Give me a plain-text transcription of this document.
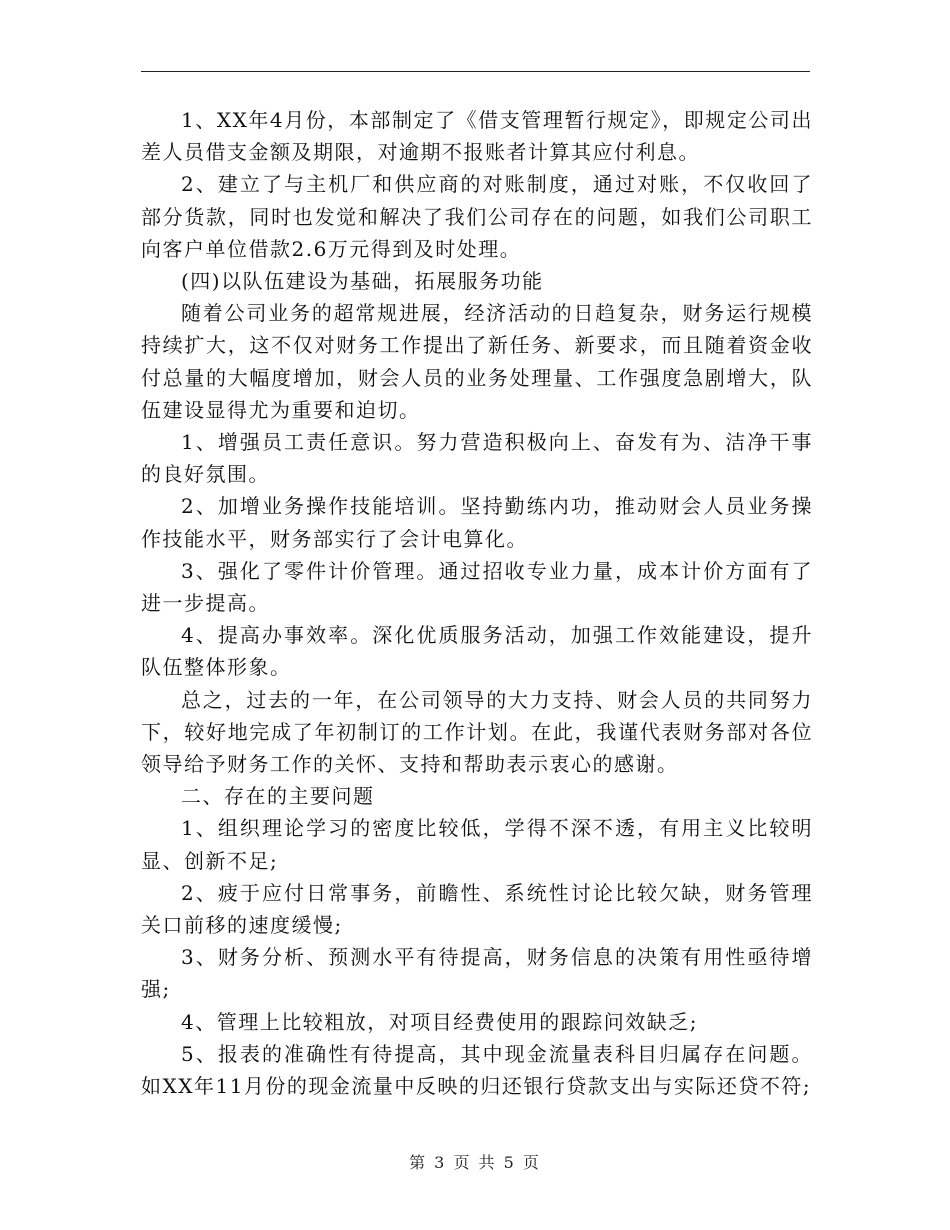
1、XX年4月份，本部制定了《借支管理暂行规定》，即规定公司出差人员借支金额及期限，对逾期不报账者计算其应付利息。

2、建立了与主机厂和供应商的对账制度，通过对账，不仅收回了部分货款，同时也发觉和解决了我们公司存在的问题，如我们公司职工向客户单位借款2.6万元得到及时处理。

(四)以队伍建设为基础，拓展服务功能

随着公司业务的超常规进展，经济活动的日趋复杂，财务运行规模持续扩大，这不仅对财务工作提出了新任务、新要求，而且随着资金收付总量的大幅度增加，财会人员的业务处理量、工作强度急剧增大，队伍建设显得尤为重要和迫切。

1、增强员工责任意识。努力营造积极向上、奋发有为、洁净干事的良好氛围。

2、加增业务操作技能培训。坚持勤练内功，推动财会人员业务操作技能水平，财务部实行了会计电算化。

3、强化了零件计价管理。通过招收专业力量，成本计价方面有了进一步提高。

4、提高办事效率。深化优质服务活动，加强工作效能建设，提升队伍整体形象。

总之，过去的一年，在公司领导的大力支持、财会人员的共同努力下，较好地完成了年初制订的工作计划。在此，我谨代表财务部对各位领导给予财务工作的关怀、支持和帮助表示衷心的感谢。

二、存在的主要问题

1、组织理论学习的密度比较低，学得不深不透，有用主义比较明显、创新不足;

2、疲于应付日常事务，前瞻性、系统性讨论比较欠缺，财务管理关口前移的速度缓慢;

3、财务分析、预测水平有待提高，财务信息的决策有用性亟待增强;

4、管理上比较粗放，对项目经费使用的跟踪问效缺乏;

5、报表的准确性有待提高，其中现金流量表科目归属存在问题。如XX年11月份的现金流量中反映的归还银行贷款支出与实际还贷不符;

第 3 页 共 5 页
